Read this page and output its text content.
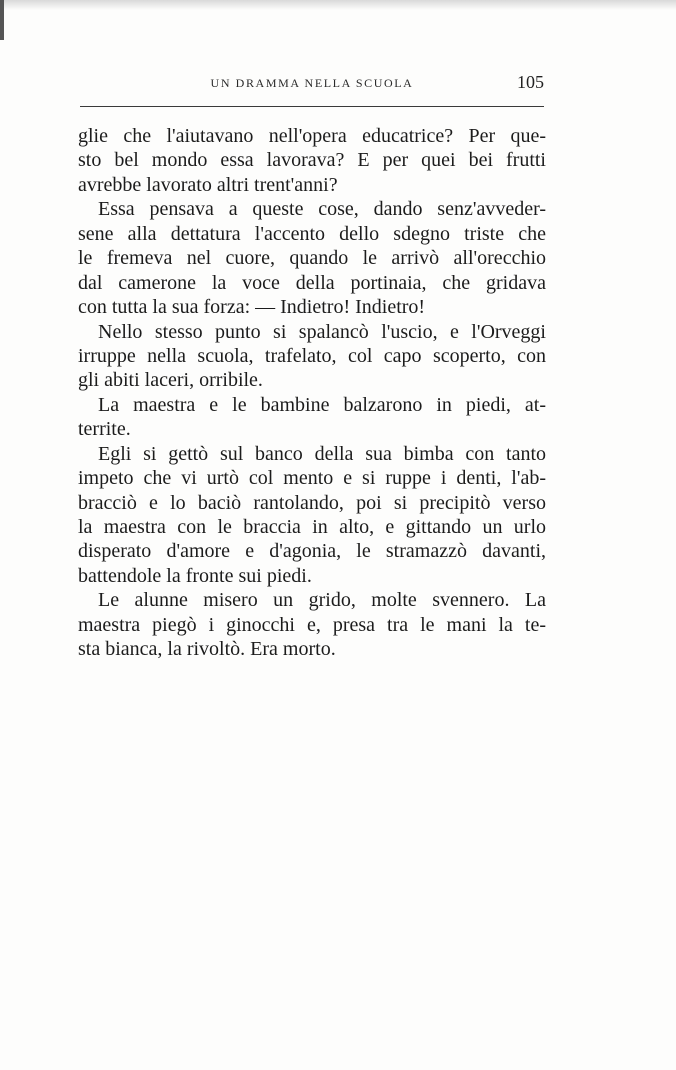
UN DRAMMA NELLA SCUOLA	105
glie che l'aiutavano nell'opera educatrice? Per que-
sto bel mondo essa lavorava? E per quei bei frutti
avrebbe lavorato altri trent'anni?
Essa pensava a queste cose, dando senz'avveder-
sene alla dettatura l'accento dello sdegno triste che
le fremeva nel cuore, quando le arrivò all'orecchio
dal camerone la voce della portinaia, che gridava
con tutta la sua forza: — Indietro! Indietro!
Nello stesso punto si spalancò l'uscio, e l'Orveggi
irruppe nella scuola, trafelato, col capo scoperto, con
gli abiti laceri, orribile.
La maestra e le bambine balzarono in piedi, at-
territe.
Egli si gettò sul banco della sua bimba con tanto
impeto che vi urtò col mento e si ruppe i denti, l'ab-
bracciò e lo baciò rantolando, poi si precipitò verso
la maestra con le braccia in alto, e gittando un urlo
disperato d'amore e d'agonia, le stramazzò davanti,
battendole la fronte sui piedi.
Le alunne misero un grido, molte svennero. La
maestra piegò i ginocchi e, presa tra le mani la te-
sta bianca, la rivoltò. Era morto.
